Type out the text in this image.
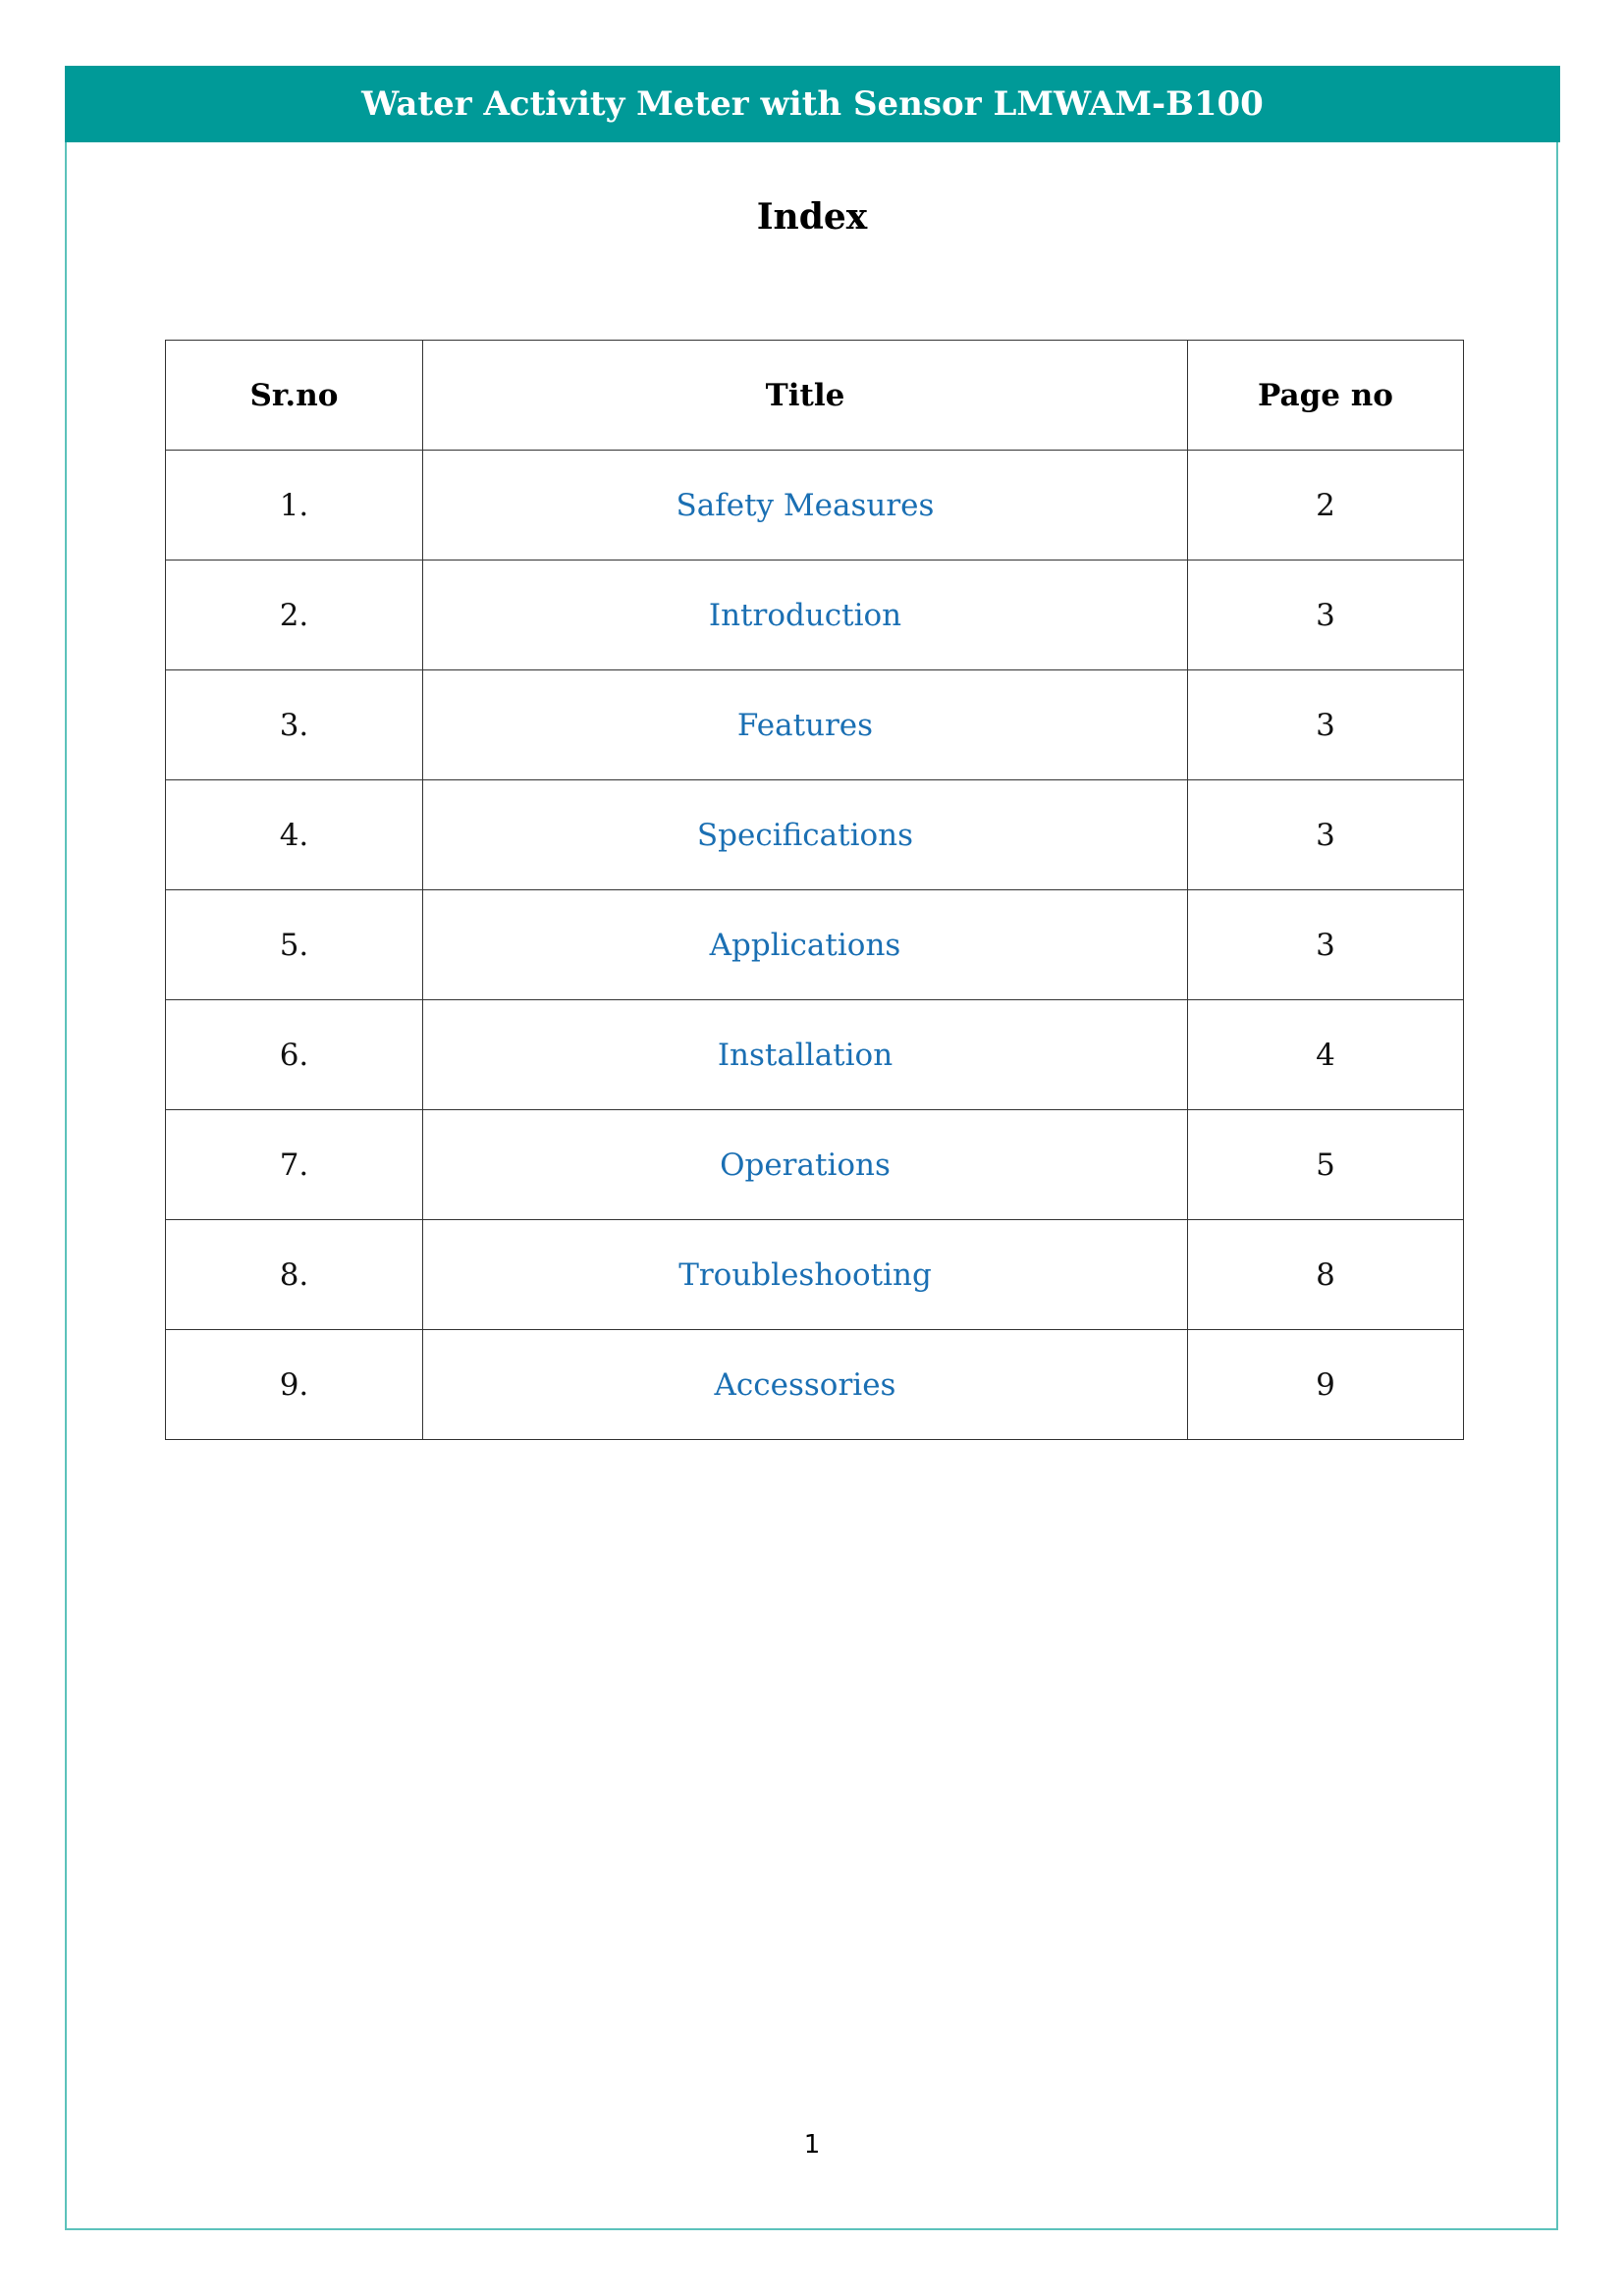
Water Activity Meter with Sensor LMWAM-B100
Index
Sr.no	Title	Page no
1.	Safety Measures	2
2.	Introduction	3
3.	Features	3
4.	Specifications	3
5.	Applications	3
6.	Installation	4
7.	Operations	5
8.	Troubleshooting	8
9.	Accessories	9
1
